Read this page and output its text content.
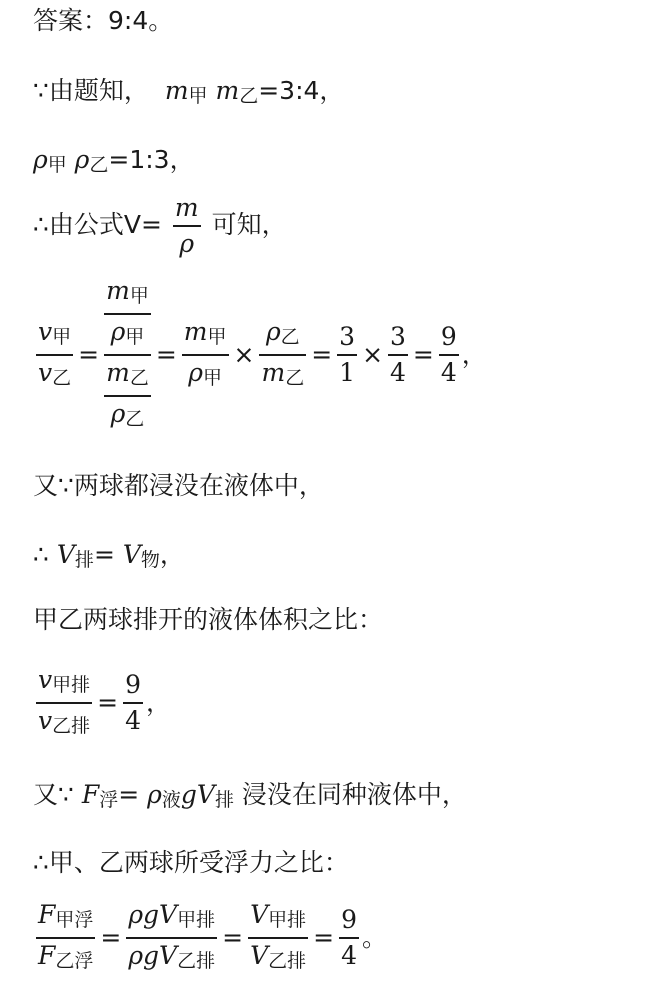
答案：9:4。
∵由题知， m甲 m乙=3:4，
ρ甲 ρ乙=1:3，
∴由公式$V= \frac{m}{\rho}$ 可知，
$\frac{\text{v甲}}{\text{v乙}} = \frac{\frac{\text{m甲}}{\text{ρ甲}}}{\frac{\text{m乙}}{\text{ρ乙}}} = \frac{\text{m甲}}{\text{ρ甲}} \times \frac{\text{ρ乙}}{\text{m乙}} = \frac{3}{1} \times \frac{3}{4} = \frac{9}{4}$ ，
又∵两球都浸没在液体中，
∴ V排= V物，
甲乙两球排开的液体体积之比：
$\frac{\text{v甲排}}{\text{v乙排}} = \frac{9}{4}$ ，
又∵ F浮= ρ液gV排 浸没在同种液体中，
∴甲、乙两球所受浮力之比：
$\frac{\text{F甲浮}}{\text{F乙浮}} = \frac{\text{ρgV甲排}}{\text{ρgV乙排}} = \frac{\text{V甲排}}{\text{V乙排}} = \frac{9}{4}$ 。
